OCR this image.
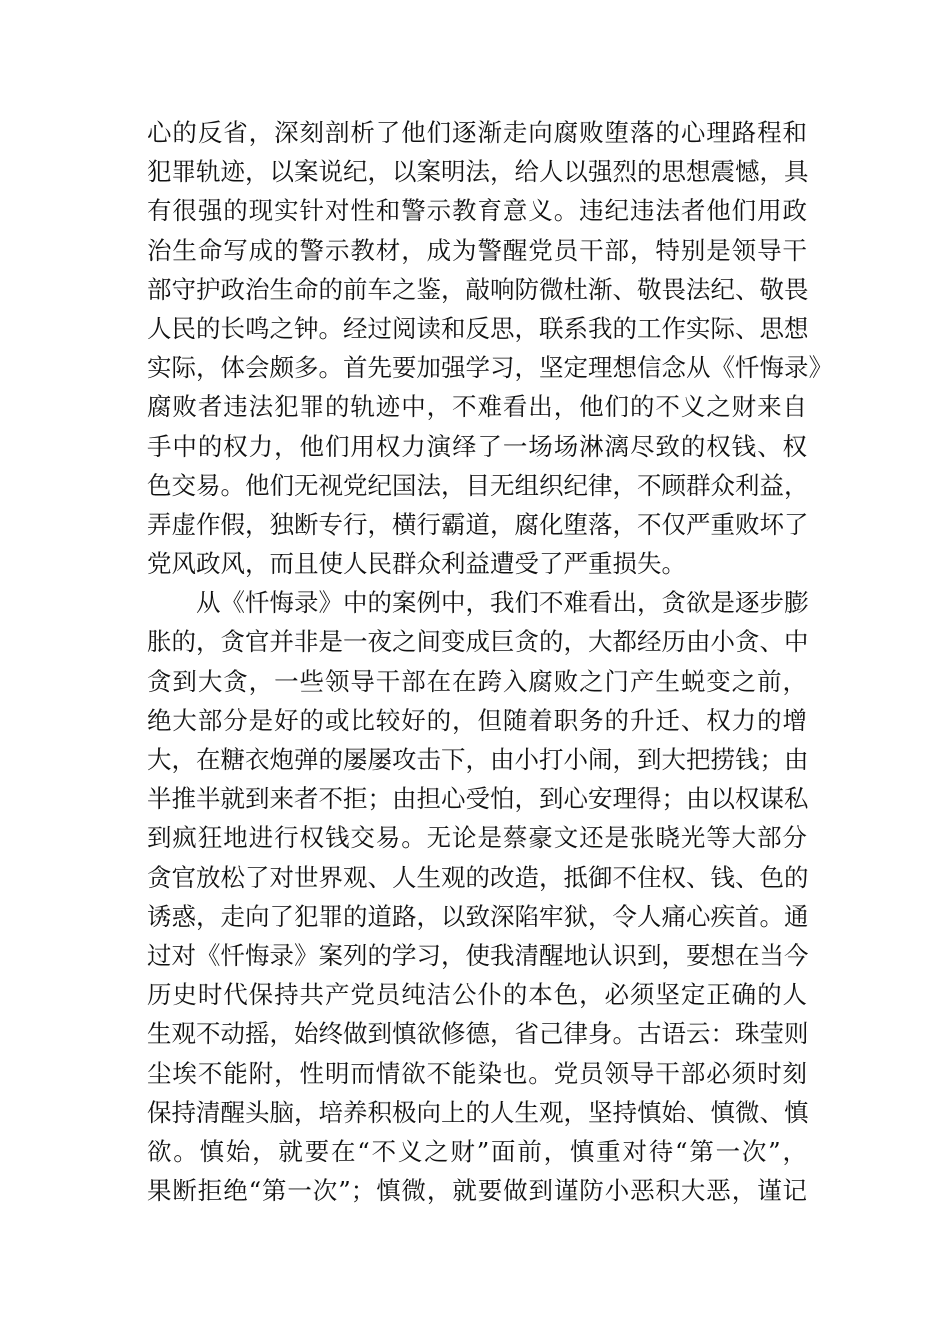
心的反省，深刻剖析了他们逐渐走向腐败堕落的心理路程和
犯罪轨迹，以案说纪，以案明法，给人以强烈的思想震憾，具
有很强的现实针对性和警示教育意义。违纪违法者他们用政
治生命写成的警示教材，成为警醒党员干部，特别是领导干
部守护政治生命的前车之鉴，敲响防微杜渐、敬畏法纪、敬畏
人民的长鸣之钟。经过阅读和反思，联系我的工作实际、思想
实际，体会颇多。首先要加强学习，坚定理想信念从《忏悔录》
腐败者违法犯罪的轨迹中，不难看出，他们的不义之财来自
手中的权力，他们用权力演绎了一场场淋漓尽致的权钱、权
色交易。他们无视党纪国法，目无组织纪律，不顾群众利益，
弄虚作假，独断专行，横行霸道，腐化堕落，不仅严重败坏了
党风政风，而且使人民群众利益遭受了严重损失。
从《忏悔录》中的案例中，我们不难看出，贪欲是逐步膨
胀的，贪官并非是一夜之间变成巨贪的，大都经历由小贪、中
贪到大贪，一些领导干部在在跨入腐败之门产生蜕变之前，
绝大部分是好的或比较好的，但随着职务的升迁、权力的增
大，在糖衣炮弹的屡屡攻击下，由小打小闹，到大把捞钱；由
半推半就到来者不拒；由担心受怕，到心安理得；由以权谋私
到疯狂地进行权钱交易。无论是蔡豪文还是张晓光等大部分
贪官放松了对世界观、人生观的改造，抵御不住权、钱、色的
诱惑，走向了犯罪的道路，以致深陷牢狱，令人痛心疾首。通
过对《忏悔录》案列的学习，使我清醒地认识到，要想在当今
历史时代保持共产党员纯洁公仆的本色，必须坚定正确的人
生观不动摇，始终做到慎欲修德，省己律身。古语云：珠莹则
尘埃不能附，性明而情欲不能染也。党员领导干部必须时刻
保持清醒头脑，培养积极向上的人生观，坚持慎始、慎微、慎
欲。慎始，就要在“不义之财”面前，慎重对待“第一次”，
果断拒绝“第一次”；慎微，就要做到谨防小恶积大恶，谨记
